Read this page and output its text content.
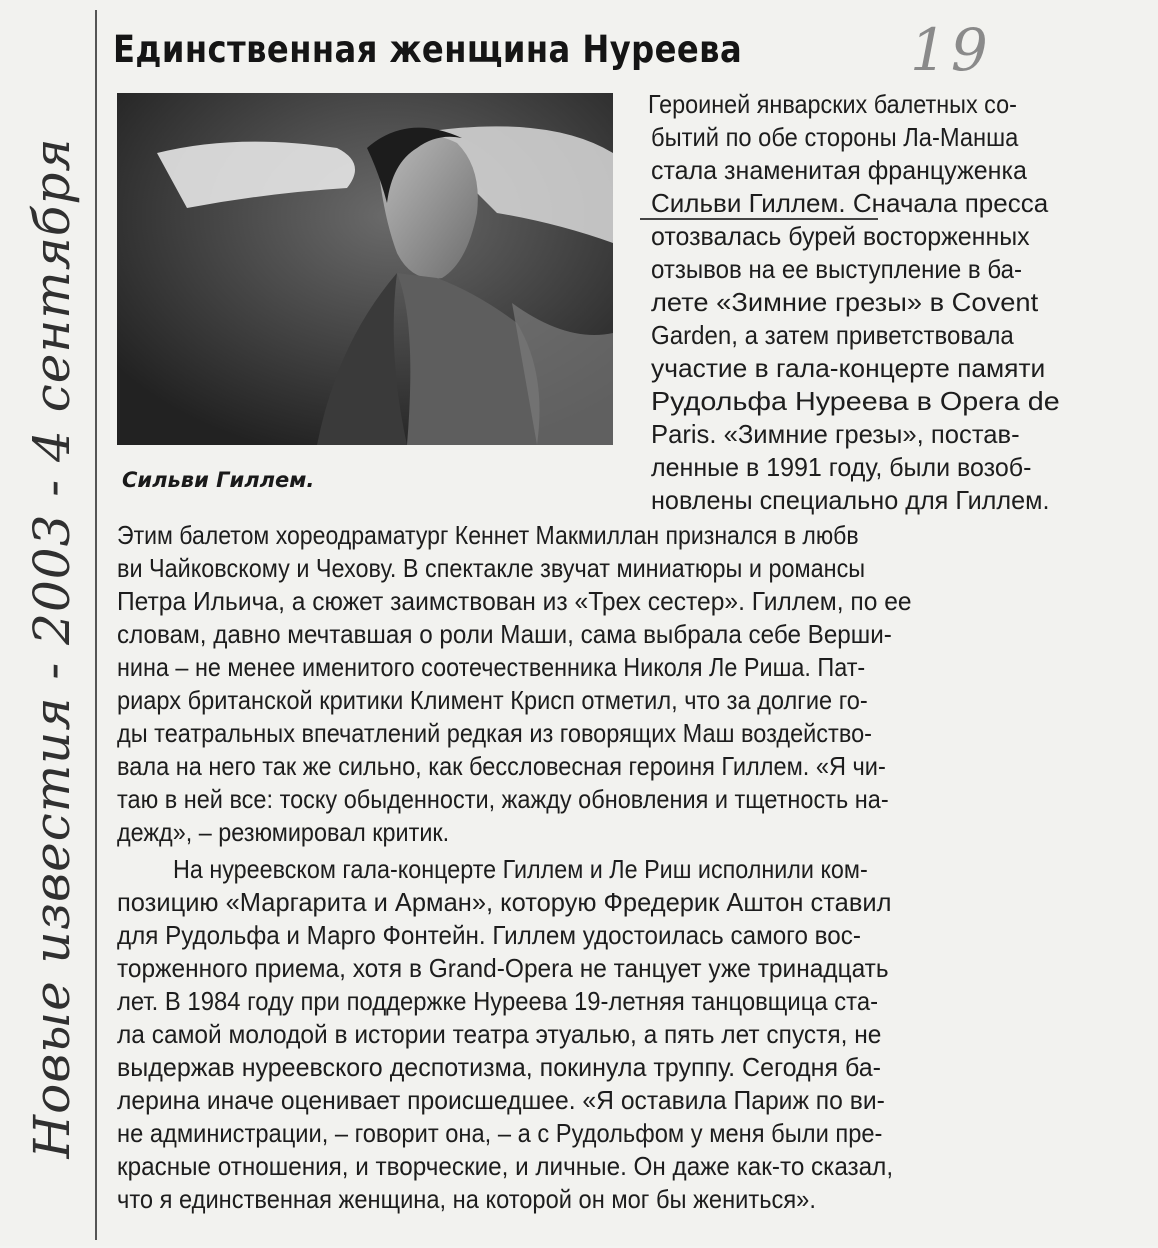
Новые известия - 2003 - 4 сентября
19
Единственная женщина Нуреева
Сильви Гиллем.
Героиней январских балетных со-
бытий по обе стороны Ла-Манша
стала знаменитая француженка
Сильви Гиллем. Сначала пресса
отозвалась бурей восторженных
отзывов на ее выступление в ба-
лете «Зимние грезы» в Covent
Garden, а затем приветствовала
участие в гала-концерте памяти
Рудольфа Нуреева в Opera de
Paris. «Зимние грезы», постав-
ленные в 1991 году, были возоб-
новлены специально для Гиллем.
Этим балетом хореодраматург Кеннет Макмиллан признался в любв
ви Чайковскому и Чехову. В спектакле звучат миниатюры и романсы
Петра Ильича, а сюжет заимствован из «Трех сестер». Гиллем, по ее
словам, давно мечтавшая о роли Маши, сама выбрала себе Верши-
нина – не менее именитого соотечественника Николя Ле Риша. Пат-
риарх британской критики Климент Крисп отметил, что за долгие го-
ды театральных впечатлений редкая из говорящих Маш воздейство-
вала на него так же сильно, как бессловесная героиня Гиллем. «Я чи-
таю в ней все: тоску обыденности, жажду обновления и тщетность на-
дежд», – резюмировал критик.
На нуреевском гала-концерте Гиллем и Ле Риш исполнили ком-
позицию «Маргарита и Арман», которую Фредерик Аштон ставил
для Рудольфа и Марго Фонтейн. Гиллем удостоилась самого вос-
торженного приема, хотя в Grand-Opera не танцует уже тринадцать
лет. В 1984 году при поддержке Нуреева 19-летняя танцовщица ста-
ла самой молодой в истории театра этуалью, а пять лет спустя, не
выдержав нуреевского деспотизма, покинула труппу. Сегодня ба-
лерина иначе оценивает происшедшее. «Я оставила Париж по ви-
не администрации, – говорит она, – а с Рудольфом у меня были пре-
красные отношения, и творческие, и личные. Он даже как-то сказал,
что я единственная женщина, на которой он мог бы жениться».
